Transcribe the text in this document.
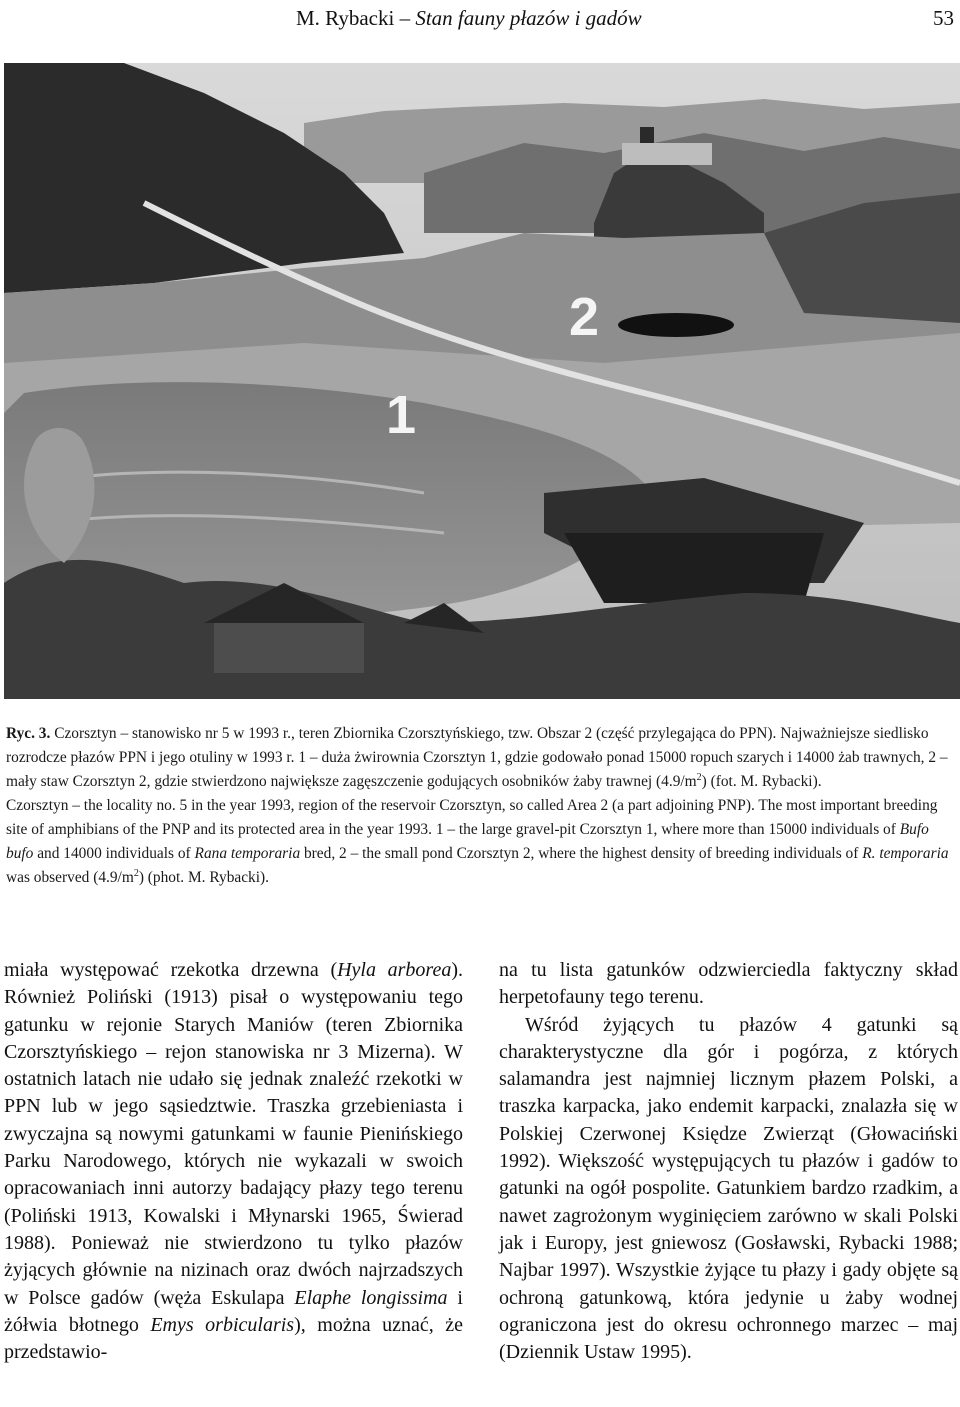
M. Rybacki – Stan fauny płazów i gadów	53
1
2

Ryc. 3. Czorsztyn – stanowisko nr 5 w 1993 r., teren Zbiornika Czorsztyńskiego, tzw. Obszar 2 (część przylegająca do PPN). Najważniejsze siedlisko rozrodcze płazów PPN i jego otuliny w 1993 r. 1 – duża żwirownia Czorsztyn 1, gdzie godowało ponad 15000 ropuch szarych i 14000 żab trawnych, 2 – mały staw Czorsztyn 2, gdzie stwierdzono największe zagęszczenie godujących osobników żaby trawnej $(4.9/m^2)$ (fot. M. Rybacki).

Czorsztyn – the locality no. 5 in the year 1993, region of the reservoir Czorsztyn, so called Area 2 (a part adjoining PNP). The most important breeding site of amphibians of the PNP and its protected area in the year 1993. 1 – the large gravel-pit Czorsztyn 1, where more than 15000 individuals of Bufo bufo and 14000 individuals of Rana temporaria bred, 2 – the small pond Czorsztyn 2, where the highest density of breeding individuals of R. temporaria was observed $(4.9/m^2)$ (phot. M. Rybacki).

miała występować rzekotka drzewna (Hyla arborea). Również Poliński (1913) pisał o występowaniu tego gatunku w rejonie Starych Maniów (teren Zbiornika Czorsztyńskiego – rejon stanowiska nr 3 Mizerna). W ostatnich latach nie udało się jednak znaleźć rzekotki w PPN lub w jego sąsiedztwie. Traszka grzebieniasta i zwyczajna są nowymi gatunkami w faunie Pienińskiego Parku Narodowego, których nie wykazali w swoich opracowaniach inni autorzy badający płazy tego terenu (Poliński 1913, Kowalski i Młynarski 1965, Świerad 1988). Ponieważ nie stwierdzono tu tylko płazów żyjących głównie na nizinach oraz dwóch najrzadszych w Polsce gadów (węża Eskulapa Elaphe longissima i żółwia błotnego Emys orbicularis), można uznać, że przedstawio-

na tu lista gatunków odzwierciedla faktyczny skład herpetofauny tego terenu.

Wśród żyjących tu płazów 4 gatunki są charakterystyczne dla gór i pogórza, z których salamandra jest najmniej licznym płazem Polski, a traszka karpacka, jako endemit karpacki, znalazła się w Polskiej Czerwonej Księdze Zwierząt (Głowaciński 1992). Większość występujących tu płazów i gadów to gatunki na ogół pospolite. Gatunkiem bardzo rzadkim, a nawet zagrożonym wyginięciem zarówno w skali Polski jak i Europy, jest gniewosz (Gosławski, Rybacki 1988; Najbar 1997). Wszystkie żyjące tu płazy i gady objęte są ochroną gatunkową, która jedynie u żaby wodnej ograniczona jest do okresu ochronnego marzec – maj (Dziennik Ustaw 1995).
